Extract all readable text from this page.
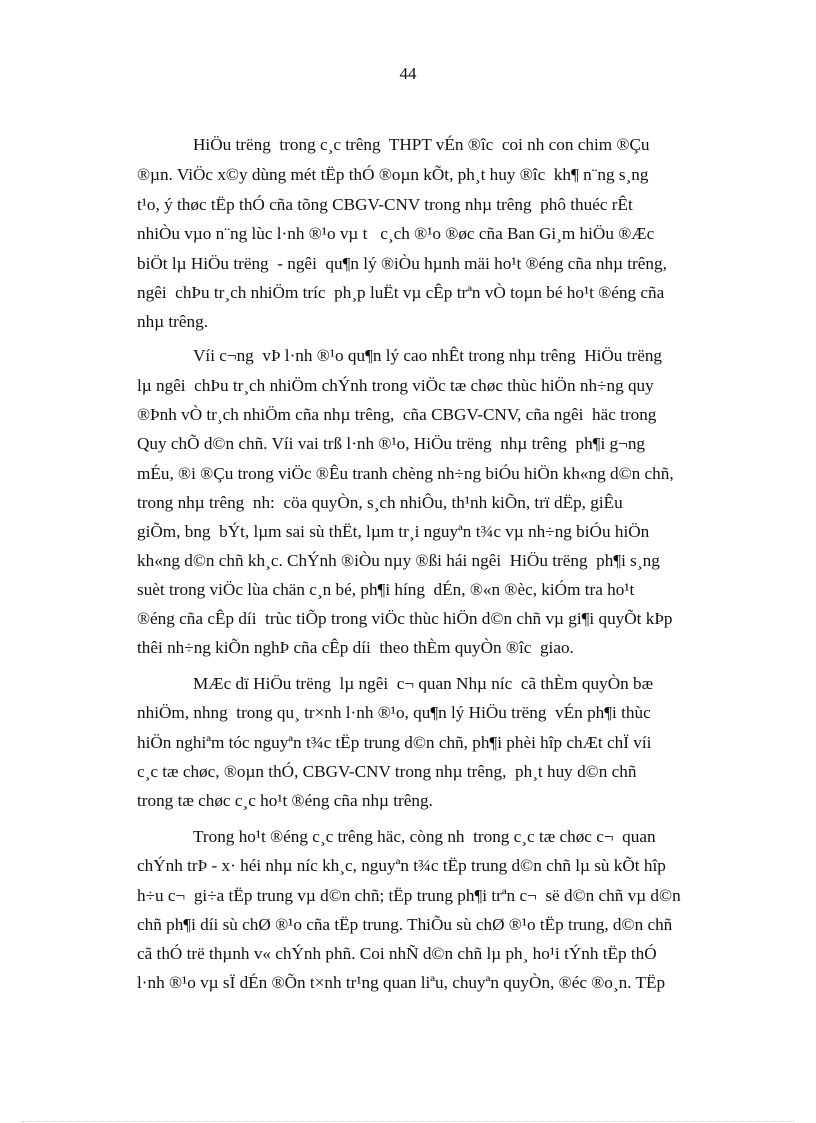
44
HiÖu trëng  trong c¸c trêng  THPT vÉn ®îc  coi nh con chim ®Çu
®µn. ViÖc x©y dùng mét tËp thÓ ®oµn kÕt, ph¸t huy ®îc  kh¶ n¨ng s¸ng
t¹o, ý thøc tËp thÓ cña tõng CBGV-CNV trong nhµ trêng  phô thuéc rÊt
nhiÒu vµo n¨ng lùc l·nh ®¹o vµ t   c¸ch ®¹o ®øc cña Ban Gi¸m hiÖu ®Æc
biÖt lµ HiÖu trëng  - ngêi  qu¶n lý ®iÒu hµnh mäi ho¹t ®éng cña nhµ trêng,
ngêi  chÞu tr¸ch nhiÖm tríc  ph¸p luËt vµ cÊp trªn vÒ toµn bé ho¹t ®éng cña
nhµ trêng.
Víi c¬ng  vÞ l·nh ®¹o qu¶n lý cao nhÊt trong nhµ trêng  HiÖu trëng
lµ ngêi  chÞu tr¸ch nhiÖm chÝnh trong viÖc tæ chøc thùc hiÖn nh÷ng quy
®Þnh vÒ tr¸ch nhiÖm cña nhµ trêng,  cña CBGV-CNV, cña ngêi  häc trong
Quy chÕ d©n chñ. Víi vai trß l·nh ®¹o, HiÖu trëng  nhµ trêng  ph¶i g¬ng
mÉu, ®i ®Çu trong viÖc ®Êu tranh chèng nh÷ng biÓu hiÖn kh«ng d©n chñ,
trong nhµ trêng  nh:  cöa quyÒn, s¸ch nhiÔu, th¹nh kiÕn, trï dËp, giÊu
giÕm, bng  bÝt, lµm sai sù thËt, lµm tr¸i nguyªn t¾c vµ nh÷ng biÓu hiÖn
kh«ng d©n chñ kh¸c. ChÝnh ®iÒu nµy ®ßi hái ngêi  HiÖu trëng  ph¶i s¸ng
suèt trong viÖc lùa chän c¸n bé, ph¶i híng  dÉn, ®«n ®èc, kiÓm tra ho¹t
®éng cña cÊp díi  trùc tiÕp trong viÖc thùc hiÖn d©n chñ vµ gi¶i quyÕt kÞp
thêi nh÷ng kiÕn nghÞ cña cÊp díi  theo thÈm quyÒn ®îc  giao.
MÆc dï HiÖu trëng  lµ ngêi  c¬ quan Nhµ níc  cã thÈm quyÒn bæ
nhiÖm, nhng  trong qu¸ tr×nh l·nh ®¹o, qu¶n lý HiÖu trëng  vÉn ph¶i thùc
hiÖn nghiªm tóc nguyªn t¾c tËp trung d©n chñ, ph¶i phèi hîp chÆt chÏ víi
c¸c tæ chøc, ®oµn thÓ, CBGV-CNV trong nhµ trêng,  ph¸t huy d©n chñ
trong tæ chøc c¸c ho¹t ®éng cña nhµ trêng.
Trong ho¹t ®éng c¸c trêng häc, còng nh  trong c¸c tæ chøc c¬  quan
chÝnh trÞ - x· héi nhµ níc kh¸c, nguyªn t¾c tËp trung d©n chñ lµ sù kÕt hîp
h÷u c¬  gi÷a tËp trung vµ d©n chñ; tËp trung ph¶i trªn c¬  së d©n chñ vµ d©n
chñ ph¶i díi sù chØ ®¹o cña tËp trung. ThiÕu sù chØ ®¹o tËp trung, d©n chñ
cã thÓ trë thµnh v« chÝnh phñ. Coi nhÑ d©n chñ lµ ph¸ ho¹i tÝnh tËp thÓ
l·nh ®¹o vµ sÏ dÉn ®Õn t×nh tr¹ng quan liªu, chuyªn quyÒn, ®éc ®o¸n. TËp
